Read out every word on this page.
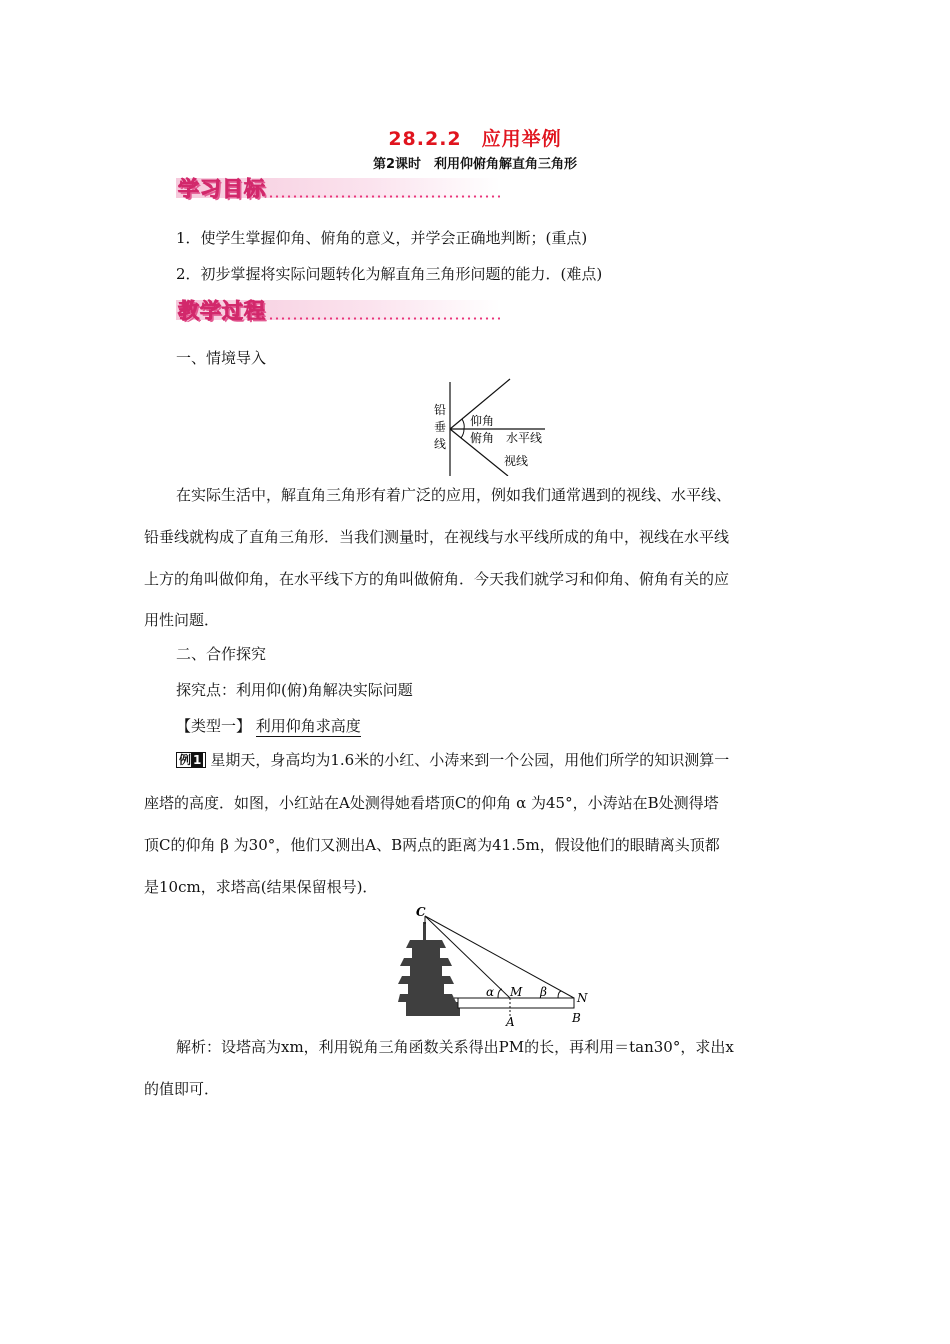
28.2.2　应用举例
第2课时　利用仰俯角解直角三角形
学习目标
1．使学生掌握仰角、俯角的意义，并学会正确地判断；(重点)
2．初步掌握将实际问题转化为解直角三角形问题的能力．(难点)
教学过程
一、情境导入
铅
垂
线
仰角
俯角 水平线
视线
在实际生活中，解直角三角形有着广泛的应用，例如我们通常遇到的视线、水平线、
铅垂线就构成了直角三角形．当我们测量时，在视线与水平线所成的角中，视线在水平线
上方的角叫做仰角，在水平线下方的角叫做俯角．今天我们就学习和仰角、俯角有关的应
用性问题．
二、合作探究
探究点：利用仰(俯)角解决实际问题
【类型一】 利用仰角求高度
例 1 星期天，身高均为1.6米的小红、小涛来到一个公园，用他们所学的知识测算一
座塔的高度．如图，小红站在A处测得她看塔顶C的仰角 α 为45°，小涛站在B处测得塔
顶C的仰角 β 为30°，他们又测出A、B两点的距离为41.5m，假设他们的眼睛离头顶都
是10cm，求塔高(结果保留根号)．
C
M
α	β	N
A	B
解析：设塔高为xm，利用锐角三角函数关系得出PM的长，再利用＝tan30°，求出x
的值即可．
